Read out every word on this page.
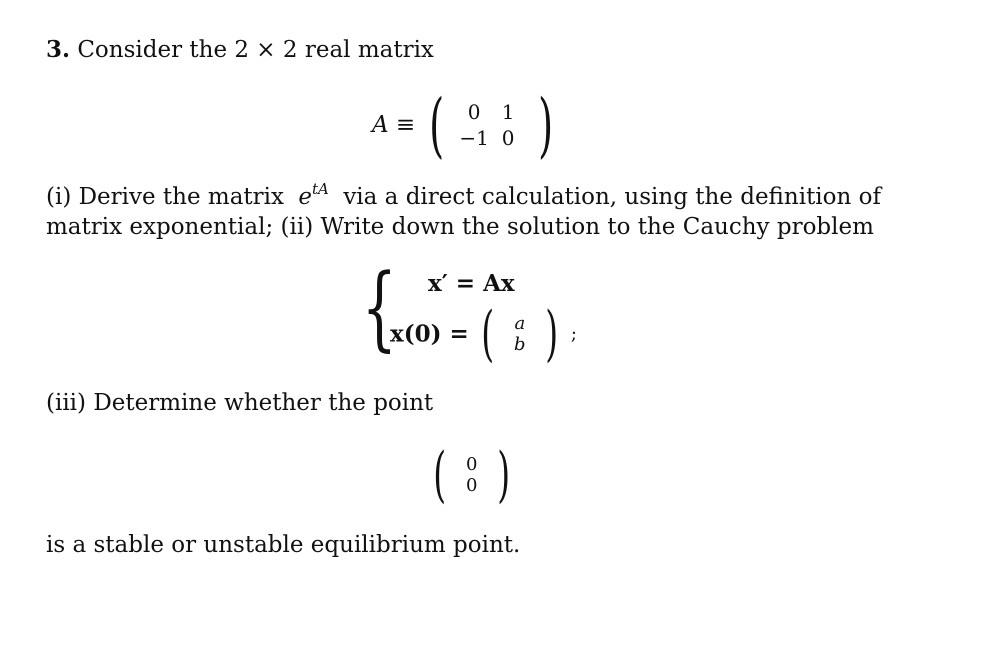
3. Consider the 2 × 2 real matrix
A ≡ (	0	1
−1 0 )
(i) Derive the matrix $e^{tA}$ via a direct calculation, using the definition of
matrix exponential; (ii) Write down the solution to the Cauchy problem
{ x′ = Ax
x(0) = (	a
b ) ;
(iii) Determine whether the point
(	0
0 )
is a stable or unstable equilibrium point.
